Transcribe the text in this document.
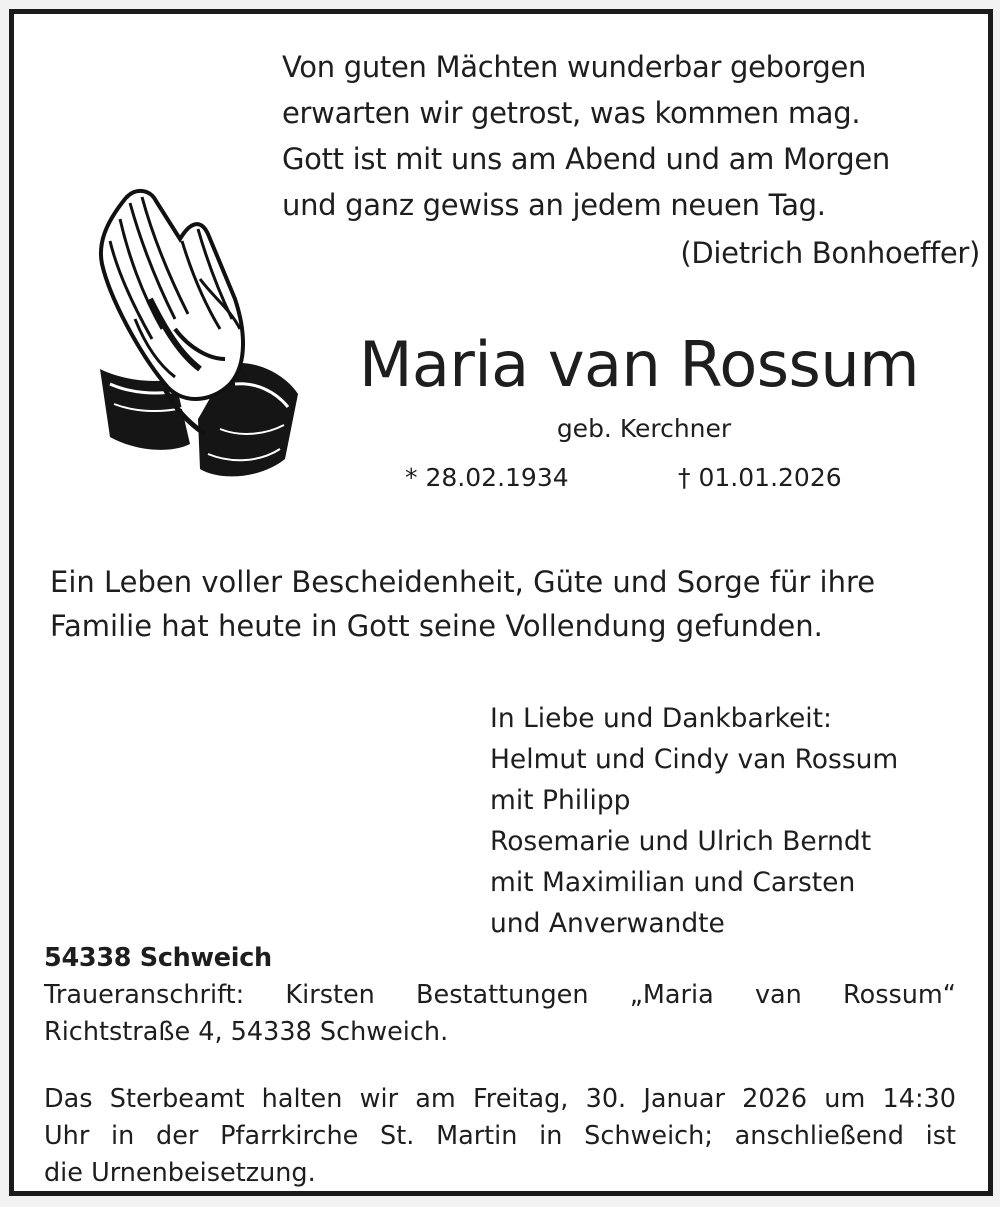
Von guten Mächten wunderbar geborgen
erwarten wir getrost, was kommen mag.
Gott ist mit uns am Abend und am Morgen
und ganz gewiss an jedem neuen Tag.
(Dietrich Bonhoeffer)
Maria van Rossum
geb. Kerchner
* 28.02.1934	† 01.01.2026
Ein Leben voller Bescheidenheit, Güte und Sorge für ihre
Familie hat heute in Gott seine Vollendung gefunden.
In Liebe und Dankbarkeit:
Helmut und Cindy van Rossum
mit Philipp
Rosemarie und Ulrich Berndt
mit Maximilian und Carsten
und Anverwandte
54338 Schweich
Traueranschrift: Kirsten Bestattungen „Maria van Rossum“
Richtstraße 4, 54338 Schweich.
Das Sterbeamt halten wir am Freitag, 30. Januar 2026 um 14:30
Uhr in der Pfarrkirche St. Martin in Schweich; anschließend ist
die Urnenbeisetzung.
